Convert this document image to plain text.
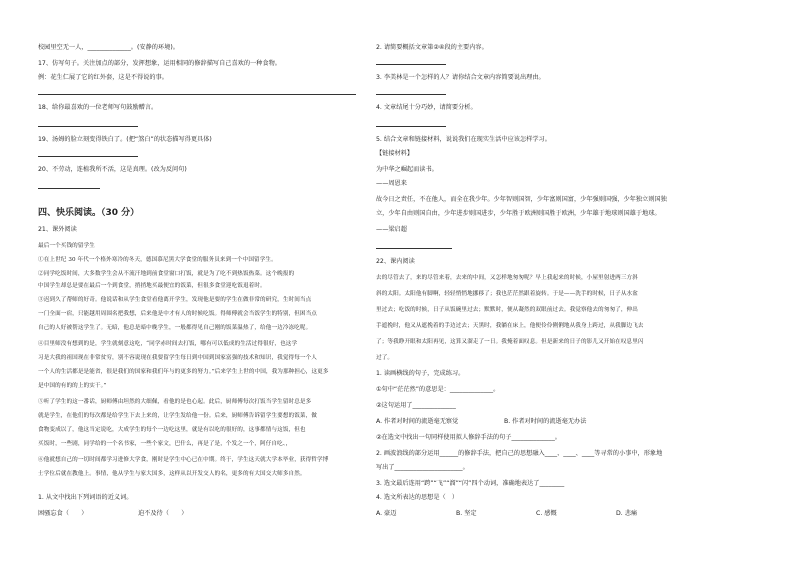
校园里空无一人，______________。(安静的环境)。
17、仿写句子。关注加点的部分，发挥想象，运用相同的修辞描写自己喜欢的一种食物。
例：花生仁展了它的红外套，这是不得说的事。
18、给你最喜欢的一位老师写句鼓励赠言。
19、汤姆的脸立刻变得铁白了。(把“煞白”的状态描写得更具体)
20、不劳动，连植我所不活，这是真理。(改为反问句)
四、快乐阅读。（30 分）
21、课外阅读
最后一个买钱的留学生
①在上世纪 30 年代一个格外寒冷的冬天，德国慕尼黑大学食堂的服务员来到一个中国留学生。
②同学吃饭时间，大多数学生会从不流汗地到前食堂窗口打饭，就是为了吃不到热饭热菜。这个晚报的
中国学生却总是要在最后一个到食堂，捎捎地买最便宜的饭菜，但很多食堂迎吃饭退着时。
③迟到久了帮师的好奇。他说话和从学生食堂看他离开学生，发现他是要的学生在做非常的研究，生时间当点
一门全面一宿，只能越用周围名把我想，后来他是中才有人的时候吃饭。得师傅就会当饭学生的特别，但困当点
自己的人好被帮这学生了。无暗，他总是暗中晚学生，一般都得见自己刚的饭菜温热了，给他一边冷冻吃呢。
④目里师没有想到的是，学生就刻意这吃，“同学赤时间去打饭，哪有可以低成的生活过得很好，也这学
习是大我的祖国现在非常贫穷，别不容说现在我要留学生每日到中国到国家富强的技术和知识，我觉得每一个人
一个人的生活都是是能省，很是我们的国家和我们年与的更多的努力。”后来学生上世的中国，我为那种担心，这更多
是中国的有的的上的实干。”
⑤听了学生的这一番话，厨师傅由坦然的大细佩，看他的是也心起。此后，厨师傅每次打饭当学生留时总是多
就是学生，在他们的每次都是给学生下去上来的，让学生发给他一份。后来，厨师傅告诉留学生要想的饭菜，做
食物变成以了，他这当定说吃，大成学生的每个一边吃这里，就是有以吃的很好的，这事都情与这饭，但也
买饭时，一些剧，同学给的一个名书家，一些个家文，巴什么，再是了是，个发之一个，阿仔自吃、，
⑥他就想自己的一切时间都学习进修大学食，刚时是学生中心已在中期。终于，学生这天就大学本毕业，获得哲学博
士学位后就在教他上。事情，他从学生与家大国多，这样从以开发交人的名，更多的有大国交大师多自然。
1. 从文中找出下列词语的近义词。
困骚忘食（　　）	迫不及待（　　）
2. 请简要概括文章第②④段的主要内容。
3. 李美林是一个怎样的人？请你结合文章内容简要说出理由。
4. 文章结尾十分巧妙，请简要分析。
5. 结合文章和链接材料，说说我们在现实生活中应该怎样学习。
【链接材料】
为中华之崛起而读书。
——周恩来
故今日之责任，不在他人，而全在我少年。少年智则国智，少年富则国富，少年强则国强，少年独立则国独
立，少年自由则国自由，少年进步则国进步，少年胜于欧洲则国胜于欧洲，少年雄于地球则国雄于地球。
——梁启超
22、课内阅读
去的尽管去了，来的尽管来着，去来的中间，又怎样地匆匆呢？早上我起来的时候，小屋里射进两三方斜
斜的太阳。太阳他有脚啊，轻轻悄悄地挪移了；我也茫茫然跟着旋转。于是——洗手的时候，日子从水盆
里过去；吃饭的时候，日子从饭碗里过去；默默时，便从凝然的双眼前过去。我觉察他去的匆匆了，伸出
手遮挽时，他又从遮挽着的手边过去；天黑时，我躺在床上，他便伶伶俐俐地从我身上跨过，从我脚边飞去
了；等我睁开眼和太阳再见，这算又溜走了一日。我掩着面叹息。但是新来的日子的影儿又开始在叹息里闪
过了。
1. 读画横线的句子，完成练习。
①句中“茫茫然”的意思是：______________。
②这句运用了______________
A. 作者对时间的流逝毫无察觉	B. 作者对时间的流逝毫无办法
②在选文中找出一句同样使用拟人修辞手法的句子______________。
2. 画波浪线的部分运用______的修辞手法，把自己的思想融入____、____、____等寻常的小事中，形象地
写出了______________________。
3. 选文最后连用“跨”“飞”“溜”“闪”四个动词，准确地表达了________
4. 选文所表达的思想是（　）
A. 豪迈	B. 坚定	C. 感慨	D. 悲痛
